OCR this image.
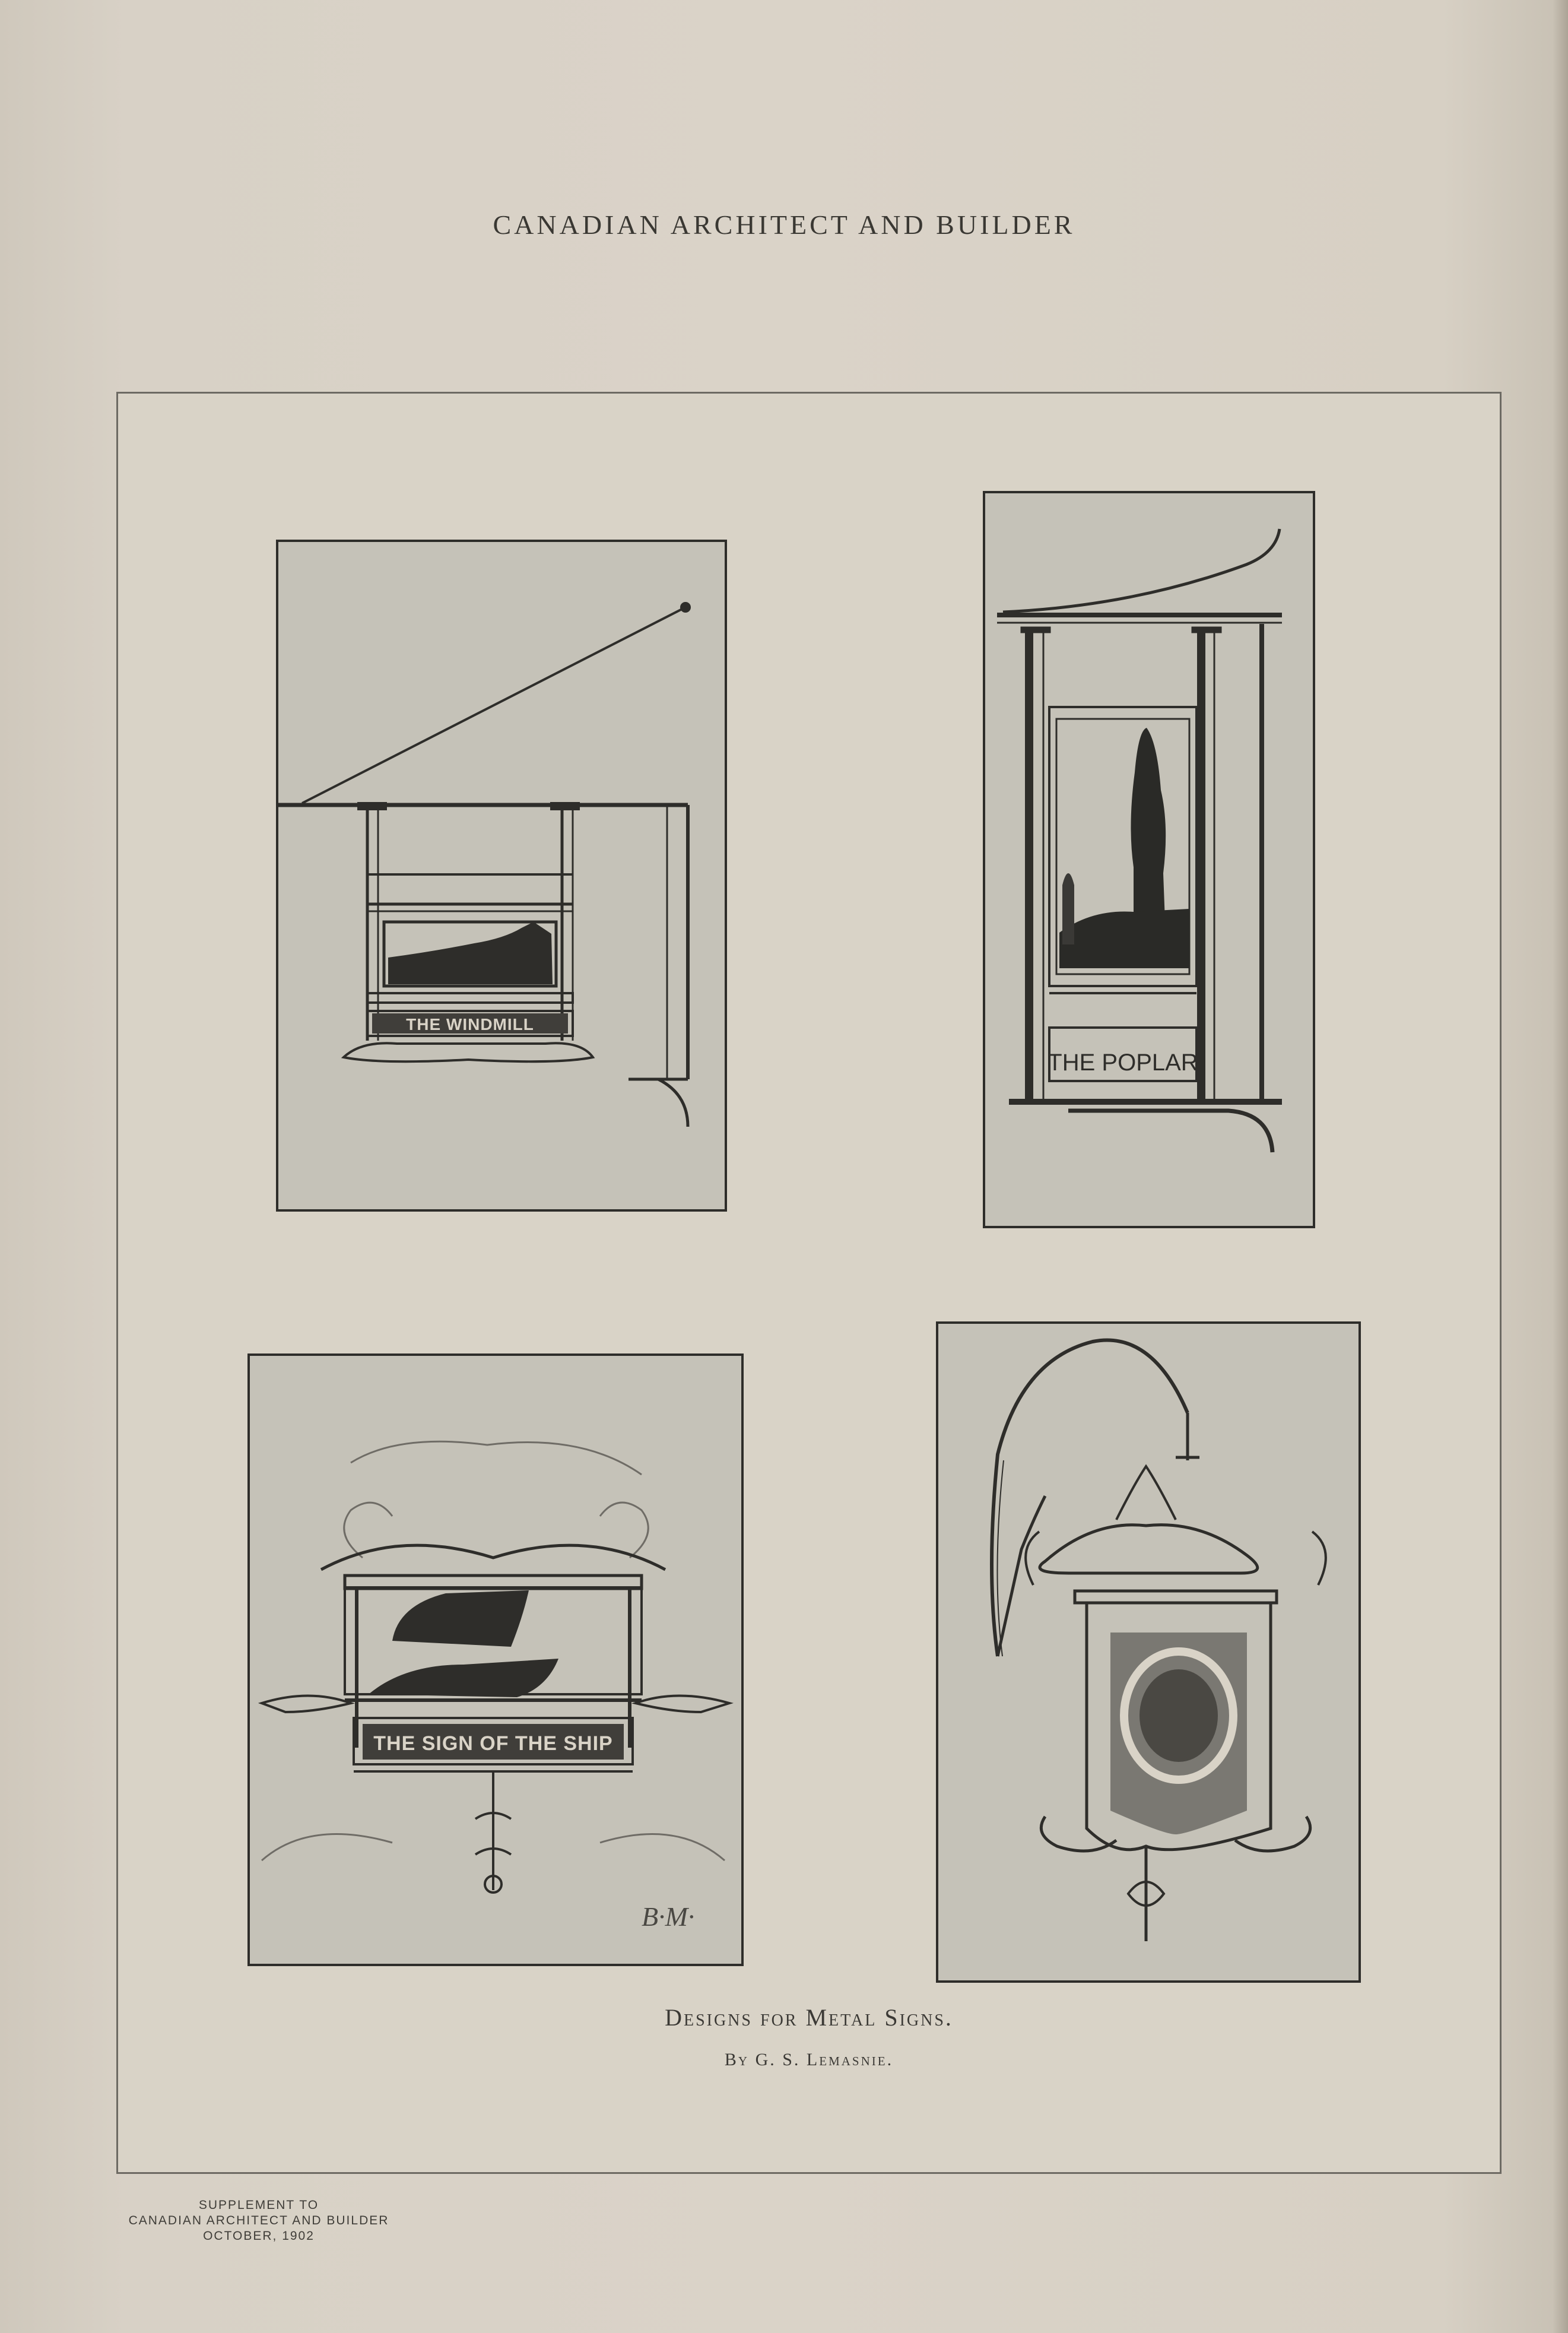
CANADIAN ARCHITECT AND BUILDER
THE WINDMILL
THE POPLAR
THE SIGN OF THE SHIP
B·M·
Designs for Metal Signs.
By G. S. Lemasnie.
SUPPLEMENT TO
CANADIAN ARCHITECT AND BUILDER
OCTOBER, 1902
